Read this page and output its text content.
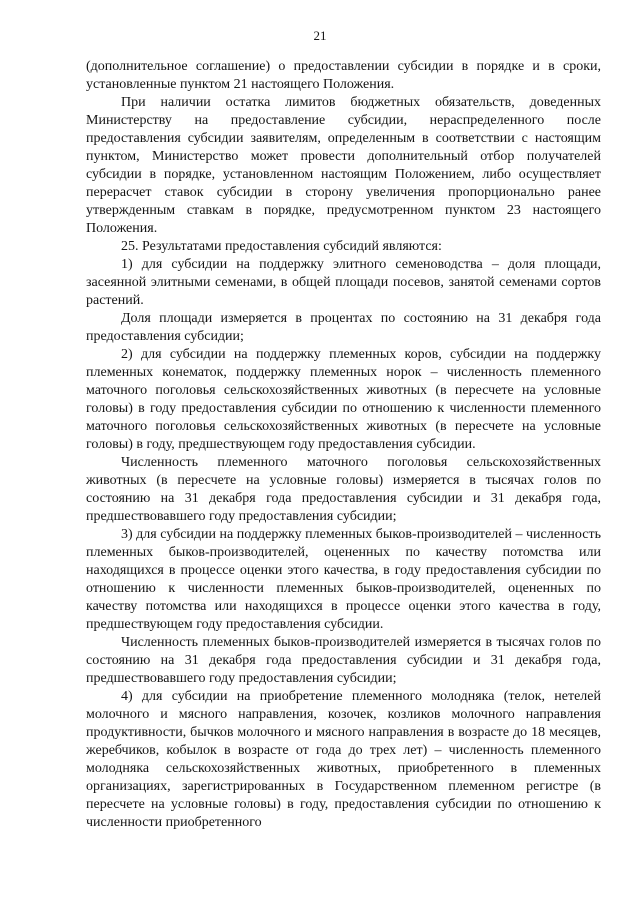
21

(дополнительное соглашение) о предоставлении субсидии в порядке и в сроки, установленные пунктом 21 настоящего Положения.

При наличии остатка лимитов бюджетных обязательств, доведенных Министерству на предоставление субсидии, нераспределенного после предоставления субсидии заявителям, определенным в соответствии с настоящим пунктом, Министерство может провести дополнительный отбор получателей субсидии в порядке, установленном настоящим Положением, либо осуществляет перерасчет ставок субсидии в сторону увеличения пропорционально ранее утвержденным ставкам в порядке, предусмотренном пунктом 23 настоящего Положения.

25. Результатами предоставления субсидий являются:

1) для субсидии на поддержку элитного семеноводства – доля площади, засеянной элитными семенами, в общей площади посевов, занятой семенами сортов растений.

Доля площади измеряется в процентах по состоянию на 31 декабря года предоставления субсидии;

2) для субсидии на поддержку племенных коров, субсидии на поддержку племенных конематок, поддержку племенных норок – численность племенного маточного поголовья сельскохозяйственных животных (в пересчете на условные головы) в году предоставления субсидии по отношению к численности племенного маточного поголовья сельскохозяйственных животных (в пересчете на условные головы) в году, предшествующем году предоставления субсидии.

Численность племенного маточного поголовья сельскохозяйственных животных (в пересчете на условные головы) измеряется в тысячах голов по состоянию на 31 декабря года предоставления субсидии и 31 декабря года, предшествовавшего году предоставления субсидии;

3) для субсидии на поддержку племенных быков-производителей – численность племенных быков-производителей, оцененных по качеству потомства или находящихся в процессе оценки этого качества, в году предоставления субсидии по отношению к численности племенных быков-производителей, оцененных по качеству потомства или находящихся в процессе оценки этого качества в году, предшествующем году предоставления субсидии.

Численность племенных быков-производителей измеряется в тысячах голов по состоянию на 31 декабря года предоставления субсидии и 31 декабря года, предшествовавшего году предоставления субсидии;

4) для субсидии на приобретение племенного молодняка (телок, нетелей молочного и мясного направления, козочек, козликов молочного направления продуктивности, бычков молочного и мясного направления в возрасте до 18 месяцев, жеребчиков, кобылок в возрасте от года до трех лет) – численность племенного молодняка сельскохозяйственных животных, приобретенного в племенных организациях, зарегистрированных в Государственном племенном регистре (в пересчете на условные головы) в году, предоставления субсидии по отношению к численности приобретенного
